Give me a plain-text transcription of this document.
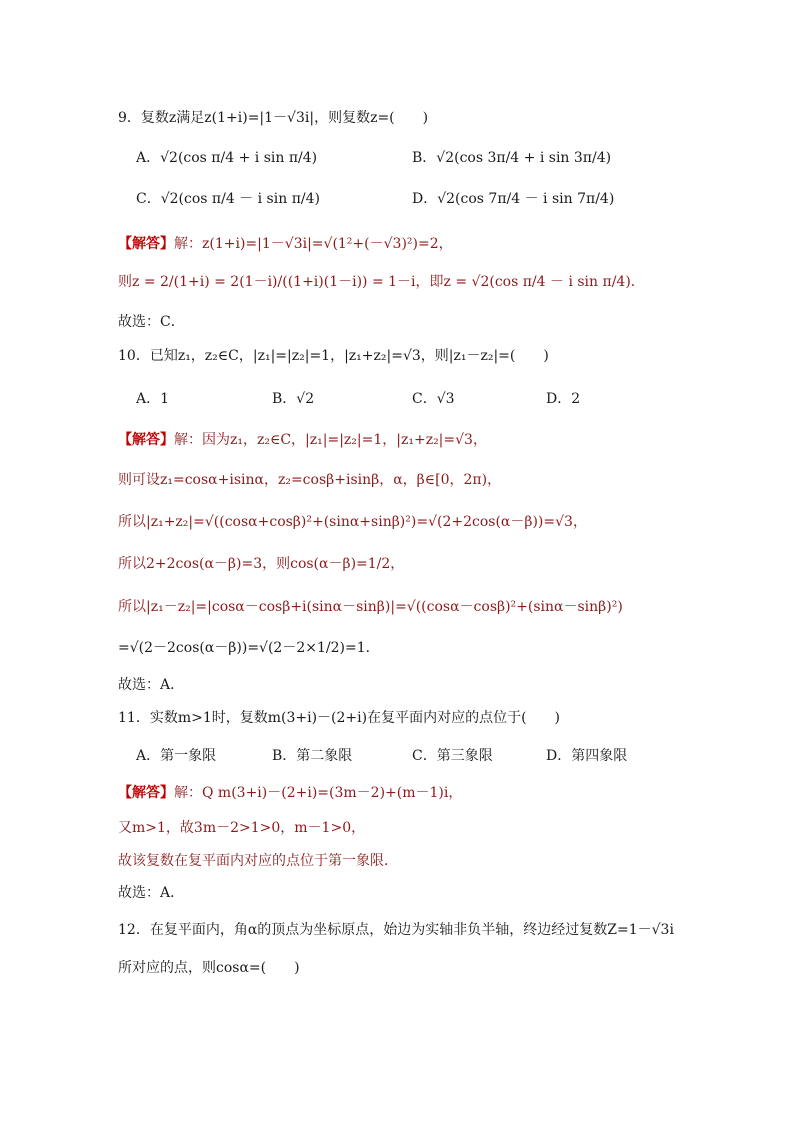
9．复数z满足z(1+i)=|1－√3i|，则复数z=(　　)
A．√2(cos π/4 + i sin π/4)	B．√2(cos 3π/4 + i sin 3π/4)
C．√2(cos π/4 － i sin π/4)	D．√2(cos 7π/4 － i sin 7π/4)
【解答】解：z(1+i)=|1－√3i|=√(1²+(－√3)²)=2，
则z = 2/(1+i) = 2(1－i)/((1+i)(1－i)) = 1－i，即z = √2(cos π/4 － i sin π/4)．
故选：C．
10．已知z₁，z₂∈C，|z₁|=|z₂|=1，|z₁+z₂|=√3，则|z₁－z₂|=(　　)
A．1	B．√2	C．√3	D．2
【解答】解：因为z₁，z₂∈C，|z₁|=|z₂|=1，|z₁+z₂|=√3，
则可设z₁=cosα+isinα，z₂=cosβ+isinβ，α，β∈[0，2π)，
所以|z₁+z₂|=√((cosα+cosβ)²+(sinα+sinβ)²)=√(2+2cos(α－β))=√3，
所以2+2cos(α－β)=3，则cos(α－β)=1/2，
所以|z₁－z₂|=|cosα－cosβ+i(sinα－sinβ)|=√((cosα－cosβ)²+(sinα－sinβ)²)
=√(2－2cos(α－β))=√(2－2×1/2)=1．
故选：A．
11．实数m>1时，复数m(3+i)－(2+i)在复平面内对应的点位于(　　)
A．第一象限	B．第二象限	C．第三象限	D．第四象限
【解答】解：Q m(3+i)－(2+i)=(3m－2)+(m－1)i，
又m>1，故3m－2>1>0，m－1>0，
故该复数在复平面内对应的点位于第一象限．
故选：A．
12．在复平面内，角α的顶点为坐标原点，始边为实轴非负半轴，终边经过复数Z=1－√3i
所对应的点，则cosα=(　　)
